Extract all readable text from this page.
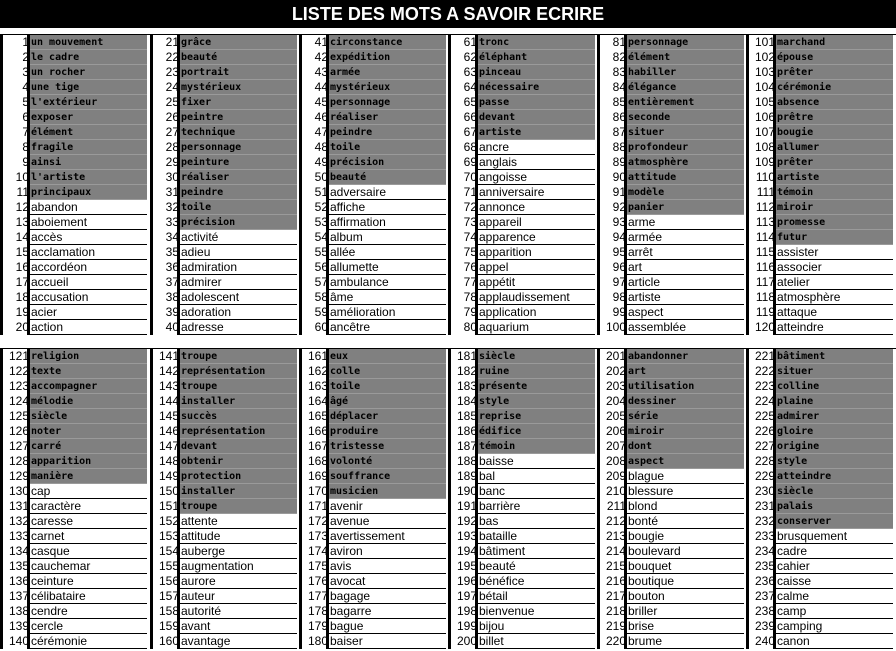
LISTE DES MOTS A SAVOIR ECRIRE
1 un mouvement
2 le cadre
3 un rocher
4 une tige
5 l'extérieur
6 exposer
7 élément
8 fragile
9 ainsi
10 l'artiste
11 principaux
12 abandon
13 aboiement
14 accès
15 acclamation
16 accordéon
17 accueil
18 accusation
19 acier
20 action
21 grâce
22 beauté
23 portrait
24 mystérieux
25 fixer
26 peintre
27 technique
28 personnage
29 peinture
30 réaliser
31 peindre
32 toile
33 précision
34 activité
35 adieu
36 admiration
37 admirer
38 adolescent
39 adoration
40 adresse
41 circonstance
42 expédition
43 armée
44 mystérieux
45 personnage
46 réaliser
47 peindre
48 toile
49 précision
50 beauté
51 adversaire
52 affiche
53 affirmation
54 album
55 allée
56 allumette
57 ambulance
58 âme
59 amélioration
60 ancêtre
61 tronc
62 éléphant
63 pinceau
64 nécessaire
65 passe
66 devant
67 artiste
68 ancre
69 anglais
70 angoisse
71 anniversaire
72 annonce
73 appareil
74 apparence
75 apparition
76 appel
77 appétit
78 applaudissement
79 application
80 aquarium
81 personnage
82 élément
83 habiller
84 élégance
85 entièrement
86 seconde
87 situer
88 profondeur
89 atmosphère
90 attitude
91 modèle
92 panier
93 arme
94 armée
95 arrêt
96 art
97 article
98 artiste
99 aspect
100 assemblée
101 marchand
102 épouse
103 prêter
104 cérémonie
105 absence
106 prêtre
107 bougie
108 allumer
109 prêter
110 artiste
111 témoin
112 miroir
113 promesse
114 futur
115 assister
116 associer
117 atelier
118 atmosphère
119 attaque
120 atteindre
121 religion
122 texte
123 accompagner
124 mélodie
125 siècle
126 noter
127 carré
128 apparition
129 manière
130 cap
131 caractère
132 caresse
133 carnet
134 casque
135 cauchemar
136 ceinture
137 célibataire
138 cendre
139 cercle
140 cérémonie
141 troupe
142 représentation
143 troupe
144 installer
145 succès
146 représentation
147 devant
148 obtenir
149 protection
150 installer
151 troupe
152 attente
153 attitude
154 auberge
155 augmentation
156 aurore
157 auteur
158 autorité
159 avant
160 avantage
161 eux
162 colle
163 toile
164 âgé
165 déplacer
166 produire
167 tristesse
168 volonté
169 souffrance
170 musicien
171 avenir
172 avenue
173 avertissement
174 aviron
175 avis
176 avocat
177 bagage
178 bagarre
179 bague
180 baiser
181 siècle
182 ruine
183 présente
184 style
185 reprise
186 édifice
187 témoin
188 baisse
189 bal
190 banc
191 barrière
192 bas
193 bataille
194 bâtiment
195 beauté
196 bénéfice
197 bétail
198 bienvenue
199 bijou
200 billet
201 abandonner
202 art
203 utilisation
204 dessiner
205 série
206 miroir
207 dont
208 aspect
209 blague
210 blessure
211 blond
212 bonté
213 bougie
214 boulevard
215 bouquet
216 boutique
217 bouton
218 briller
219 brise
220 brume
221 bâtiment
222 situer
223 colline
224 plaine
225 admirer
226 gloire
227 origine
228 style
229 atteindre
230 siècle
231 palais
232 conserver
233 brusquement
234 cadre
235 cahier
236 caisse
237 calme
238 camp
239 camping
240 canon
